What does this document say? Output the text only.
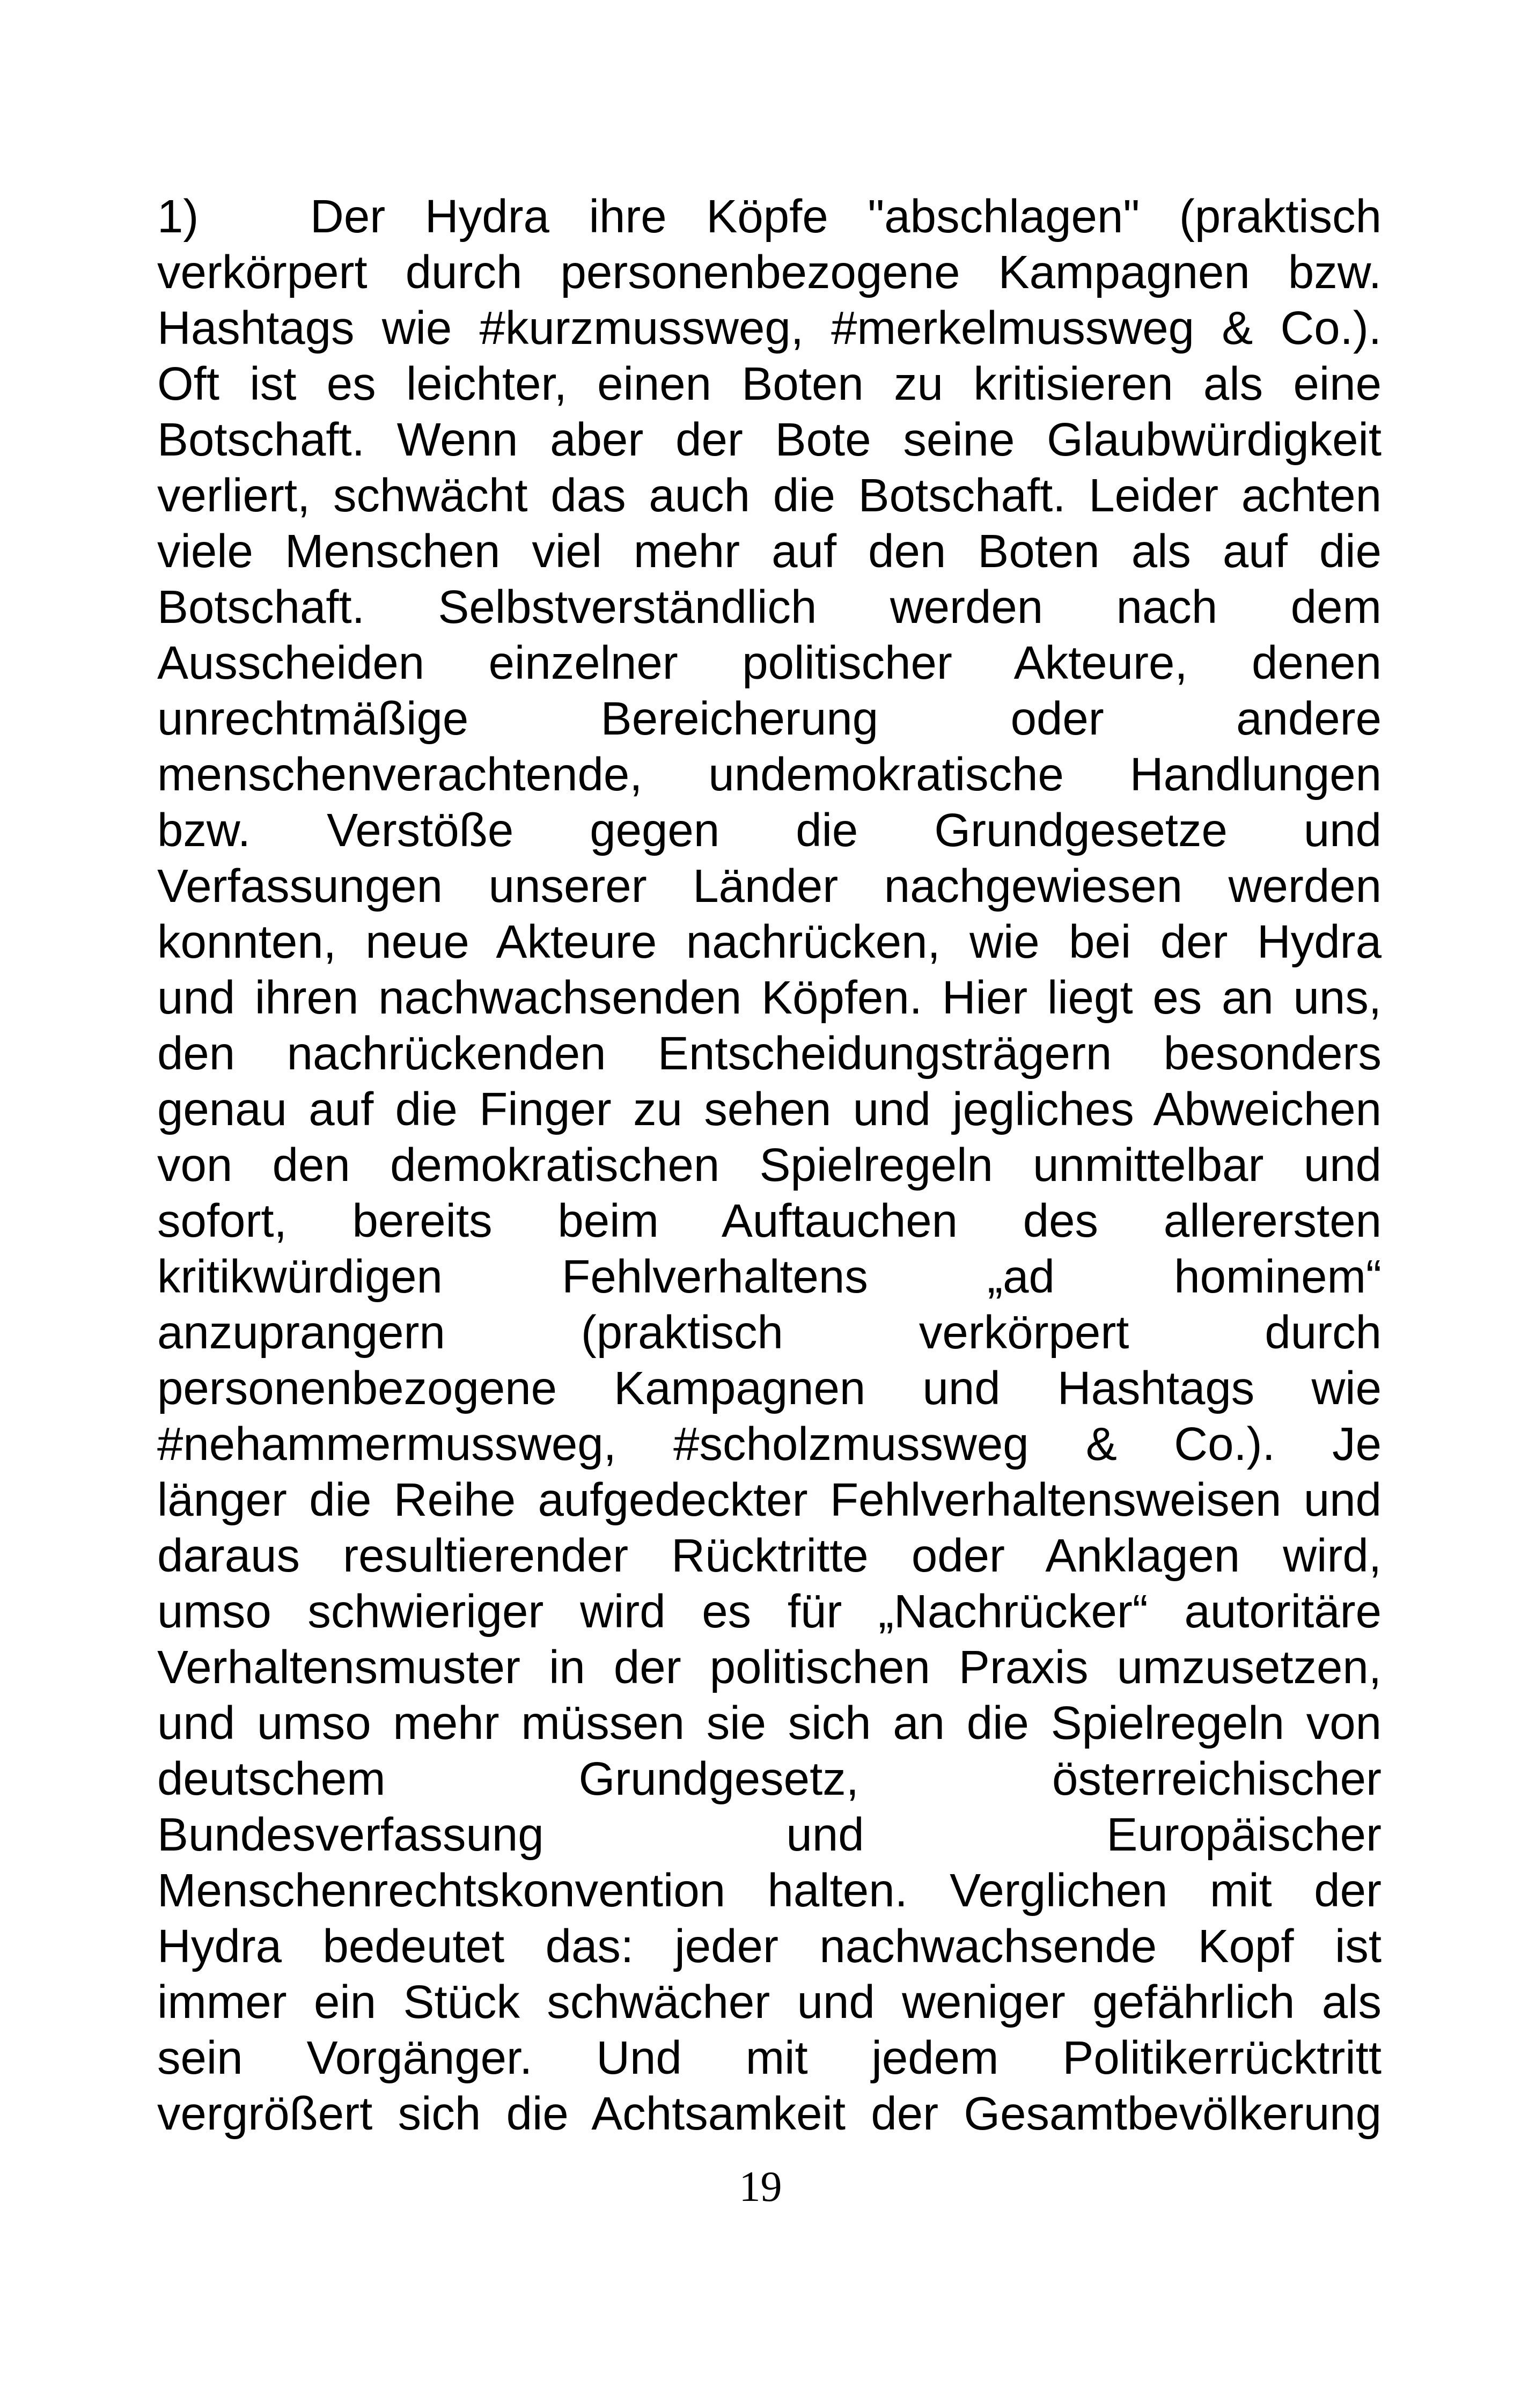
1) Der Hydra ihre Köpfe "abschlagen" (praktisch
verkörpert durch personenbezogene Kampagnen bzw.
Hashtags wie #kurzmussweg, #merkelmussweg & Co.).
Oft ist es leichter, einen Boten zu kritisieren als eine
Botschaft. Wenn aber der Bote seine Glaubwürdigkeit
verliert, schwächt das auch die Botschaft. Leider achten
viele Menschen viel mehr auf den Boten als auf die
Botschaft. Selbstverständlich werden nach dem
Ausscheiden einzelner politischer Akteure, denen
unrechtmäßige Bereicherung oder andere
menschenverachtende, undemokratische Handlungen
bzw. Verstöße gegen die Grundgesetze und
Verfassungen unserer Länder nachgewiesen werden
konnten, neue Akteure nachrücken, wie bei der Hydra
und ihren nachwachsenden Köpfen. Hier liegt es an uns,
den nachrückenden Entscheidungsträgern besonders
genau auf die Finger zu sehen und jegliches Abweichen
von den demokratischen Spielregeln unmittelbar und
sofort, bereits beim Auftauchen des allerersten
kritikwürdigen Fehlverhaltens „ad hominem“
anzuprangern (praktisch verkörpert durch
personenbezogene Kampagnen und Hashtags wie
#nehammermussweg, #scholzmussweg & Co.). Je
länger die Reihe aufgedeckter Fehlverhaltensweisen und
daraus resultierender Rücktritte oder Anklagen wird,
umso schwieriger wird es für „Nachrücker“ autoritäre
Verhaltensmuster in der politischen Praxis umzusetzen,
und umso mehr müssen sie sich an die Spielregeln von
deutschem Grundgesetz, österreichischer
Bundesverfassung und Europäischer
Menschenrechtskonvention halten. Verglichen mit der
Hydra bedeutet das: jeder nachwachsende Kopf ist
immer ein Stück schwächer und weniger gefährlich als
sein Vorgänger. Und mit jedem Politikerrücktritt
vergrößert sich die Achtsamkeit der Gesamtbevölkerung
19
